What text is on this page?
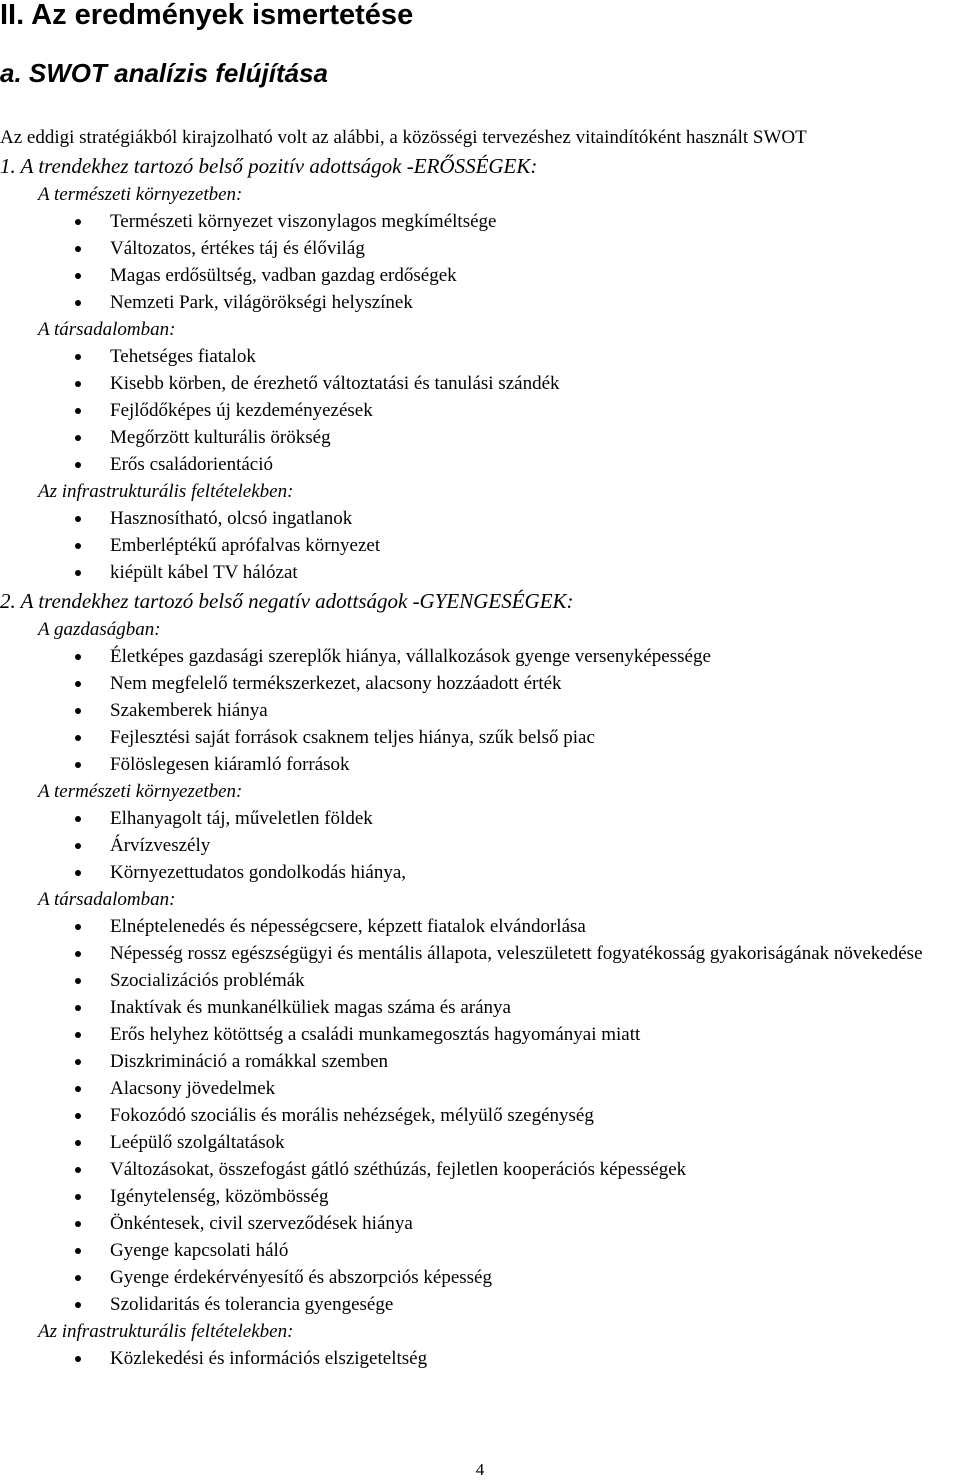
II. Az eredmények ismertetése
a. SWOT analízis felújítása
Az eddigi stratégiákból kirajzolható volt az alábbi, a közösségi tervezéshez vitaindítóként használt SWOT
1. A trendekhez tartozó belső pozitív adottságok -ERŐSSÉGEK:
A természeti környezetben:
Természeti környezet viszonylagos megkíméltsége
Változatos, értékes táj és élővilág
Magas erdősültség, vadban gazdag erdőségek
Nemzeti Park, világörökségi helyszínek
A társadalomban:
Tehetséges fiatalok
Kisebb körben, de érezhető változtatási és tanulási szándék
Fejlődőképes új kezdeményezések
Megőrzött kulturális örökség
Erős családorientáció
Az infrastrukturális feltételekben:
Hasznosítható, olcsó ingatlanok
Emberléptékű aprófalvas környezet
kiépült kábel TV hálózat
2. A trendekhez tartozó belső negatív adottságok -GYENGESÉGEK:
A gazdaságban:
Életképes gazdasági szereplők hiánya, vállalkozások gyenge versenyképessége
Nem megfelelő termékszerkezet, alacsony hozzáadott érték
Szakemberek hiánya
Fejlesztési saját források csaknem teljes hiánya, szűk belső piac
Fölöslegesen kiáramló források
A természeti környezetben:
Elhanyagolt táj, műveletlen földek
Árvízveszély
Környezettudatos gondolkodás hiánya,
A társadalomban:
Elnéptelenedés és népességcsere, képzett fiatalok elvándorlása
Népesség rossz egészségügyi és mentális állapota, veleszületett fogyatékosság gyakoriságának növekedése
Szocializációs problémák
Inaktívak és munkanélküliek magas száma és aránya
Erős helyhez kötöttség a családi munkamegosztás hagyományai miatt
Diszkrimináció a romákkal szemben
Alacsony jövedelmek
Fokozódó szociális és morális nehézségek, mélyülő szegénység
Leépülő szolgáltatások
Változásokat, összefogást gátló széthúzás, fejletlen kooperációs képességek
Igénytelenség, közömbösség
Önkéntesek, civil szerveződések hiánya
Gyenge kapcsolati háló
Gyenge érdekérvényesítő és abszorpciós képesség
Szolidaritás és tolerancia gyengesége
Az infrastrukturális feltételekben:
Közlekedési és információs elszigeteltség
4
